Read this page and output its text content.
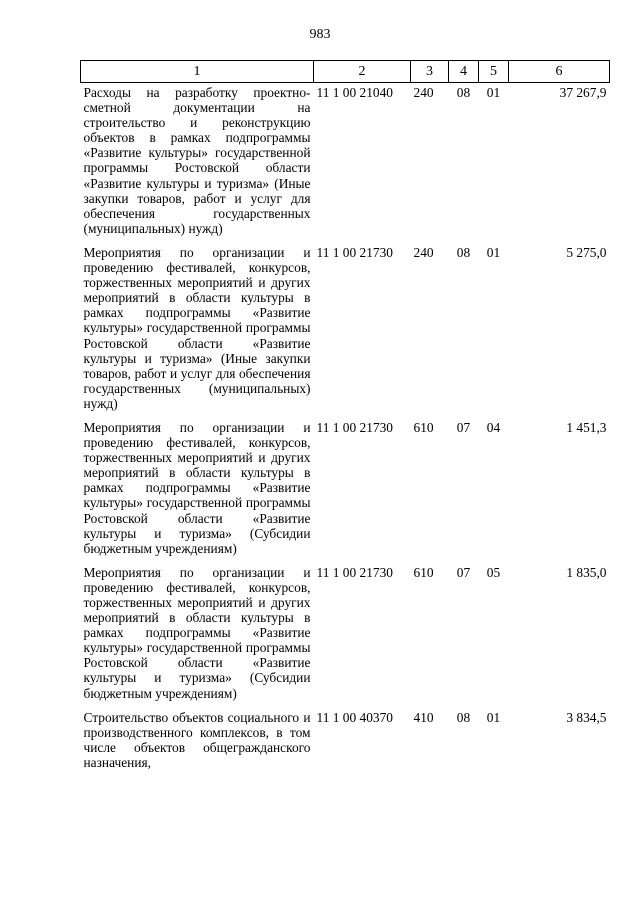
983
1	2	3	4	5	6
Расходы на разработку проектно-сметной документации на строительство и реконструкцию объектов в рамках подпрограммы «Развитие культуры» государственной программы Ростовской области «Развитие культуры и туризма» (Иные закупки товаров, работ и услуг для обеспечения государственных (муниципальных) нужд)	11 1 00 21040	240	08	01	37 267,9
Мероприятия по организации и проведению фестивалей, конкурсов, торжественных мероприятий и других мероприятий в области культуры в рамках подпрограммы «Развитие культуры» государственной программы Ростовской области «Развитие культуры и туризма» (Иные закупки товаров, работ и услуг для обеспечения государственных (муниципальных) нужд)	11 1 00 21730	240	08	01	5 275,0
Мероприятия по организации и проведению фестивалей, конкурсов, торжественных мероприятий и других мероприятий в области культуры в рамках подпрограммы «Развитие культуры» государственной программы Ростовской области «Развитие культуры и туризма» (Субсидии бюджетным учреждениям)	11 1 00 21730	610	07	04	1 451,3
Мероприятия по организации и проведению фестивалей, конкурсов, торжественных мероприятий и других мероприятий в области культуры в рамках подпрограммы «Развитие культуры» государственной программы Ростовской области «Развитие культуры и туризма» (Субсидии бюджетным учреждениям)	11 1 00 21730	610	07	05	1 835,0
Строительство объектов социального и производственного комплексов, в том числе объектов общегражданского назначения,	11 1 00 40370	410	08	01	3 834,5
